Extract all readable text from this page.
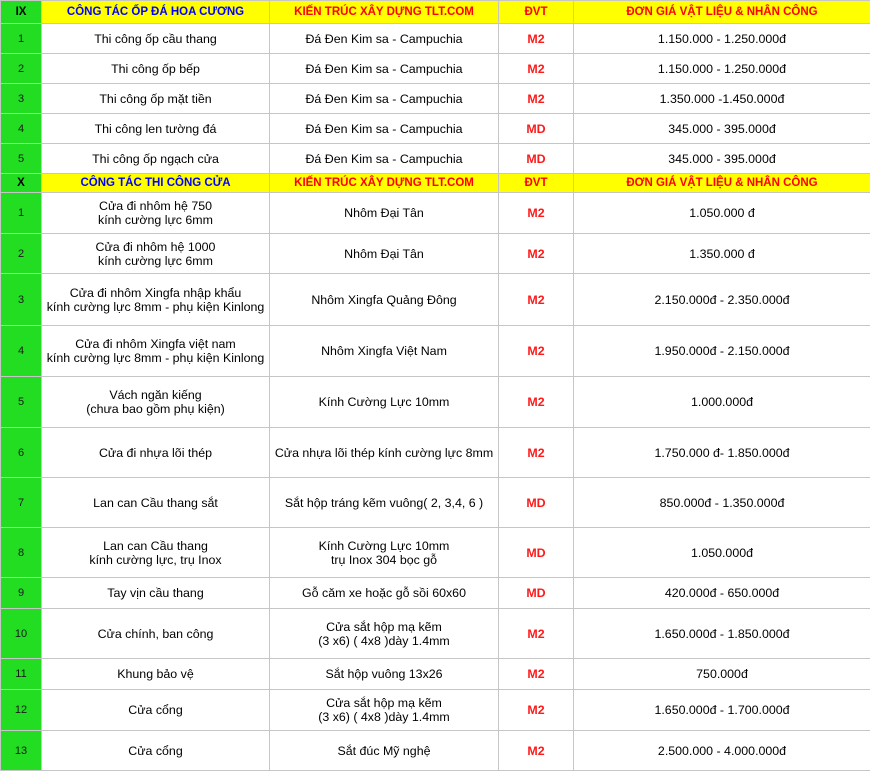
IX	CÔNG TÁC ỐP ĐÁ HOA CƯƠNG	KIẾN TRÚC XÂY DỰNG TLT.COM	ĐVT	ĐƠN GIÁ VẬT LIỆU & NHÂN CÔNG
1	Thi công ốp cầu thang	Đá Đen Kim sa - Campuchia	M2	1.150.000 - 1.250.000đ
2	Thi công ốp bếp	Đá Đen Kim sa - Campuchia	M2	1.150.000 - 1.250.000đ
3	Thi công ốp mặt tiền	Đá Đen Kim sa - Campuchia	M2	1.350.000 -1.450.000đ
4	Thi công len tường đá	Đá Đen Kim sa - Campuchia	MD	345.000 - 395.000đ
5	Thi công ốp ngạch cửa	Đá Đen Kim sa - Campuchia	MD	345.000 - 395.000đ
X	CÔNG TÁC THI CÔNG CỬA	KIẾN TRÚC XÂY DỰNG TLT.COM	ĐVT	ĐƠN GIÁ VẬT LIỆU & NHÂN CÔNG
1	Cửa đi nhôm hệ 750
kính cường lực 6mm	Nhôm Đại Tân	M2	1.050.000 đ
2	Cửa đi nhôm hệ 1000
kính cường lực 6mm	Nhôm Đại Tân	M2	1.350.000 đ
3	Cửa đi nhôm Xingfa nhập khẩu
kính cường lực 8mm - phụ kiện Kinlong	Nhôm Xingfa Quảng Đông	M2	2.150.000đ - 2.350.000đ
4	Cửa đi nhôm Xingfa việt nam
kính cường lực 8mm - phụ kiện Kinlong	Nhôm Xingfa Việt Nam	M2	1.950.000đ - 2.150.000đ
5	Vách ngăn kiếng
(chưa bao gồm phụ kiện)	Kính Cường Lực 10mm	M2	1.000.000đ
6	Cửa đi nhựa lõi thép	Cửa nhựa lõi thép kính cường lực 8mm	M2	1.750.000 đ- 1.850.000đ
7	Lan can Cầu thang sắt	Sắt hộp tráng kẽm vuông( 2, 3,4, 6 )	MD	850.000đ - 1.350.000đ
8	Lan can Cầu thang
kính cường lực, trụ Inox	Kính Cường Lực 10mm
trụ Inox 304 bọc gỗ	MD	1.050.000đ
9	Tay vịn cầu thang	Gỗ căm xe hoặc gỗ sồi 60x60	MD	420.000đ - 650.000đ
10	Cửa chính, ban công	Cửa sắt hộp mạ kẽm
(3 x6) ( 4x8 )dày 1.4mm	M2	1.650.000đ - 1.850.000đ
11	Khung bảo vệ	Sắt hộp vuông 13x26	M2	750.000đ
12	Cửa cổng	Cửa sắt hộp mạ kẽm
(3 x6) ( 4x8 )dày 1.4mm	M2	1.650.000đ - 1.700.000đ
13	Cửa cổng	Sắt đúc Mỹ nghệ	M2	2.500.000 - 4.000.000đ
